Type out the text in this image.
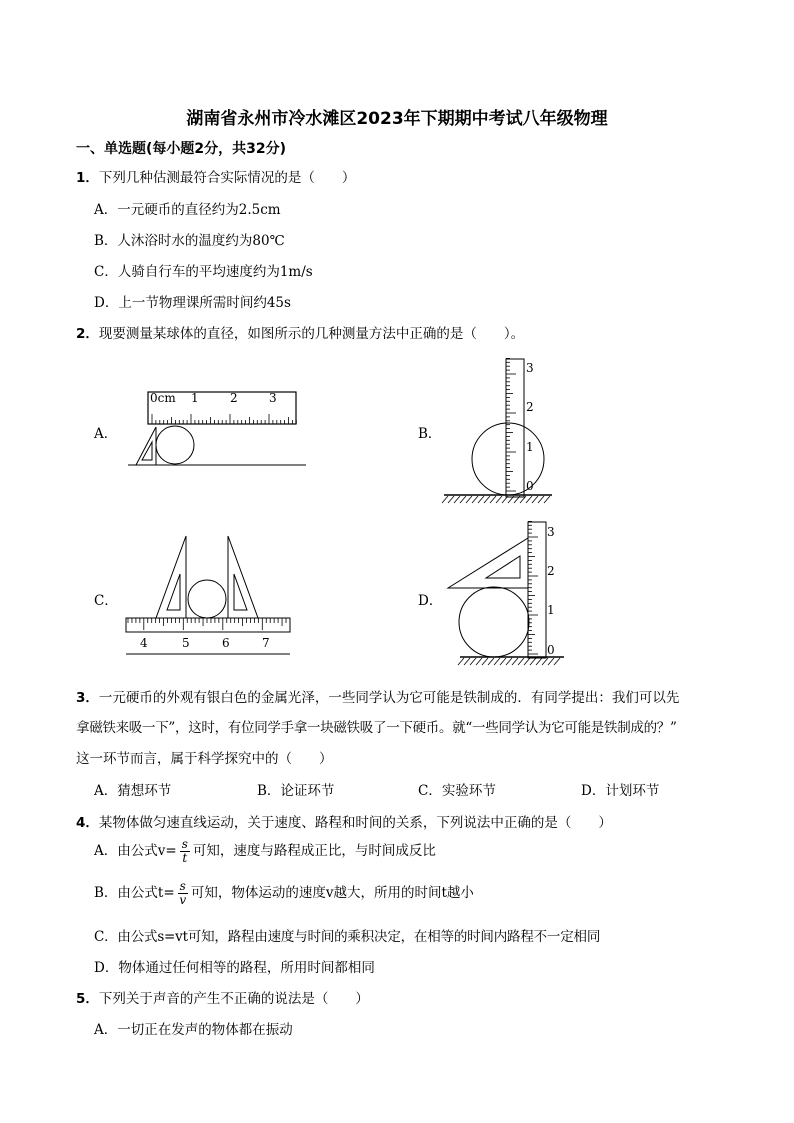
湖南省永州市冷水滩区2023年下期期中考试八年级物理
一、单选题(每小题2分，共32分)
1．下列几种估测最符合实际情况的是（　　）
A．一元硬币的直径约为2.5cm
B．人沐浴时水的温度约为80℃
C．人骑自行车的平均速度约为1m/s
D．上一节物理课所需时间约45s
2．现要测量某球体的直径，如图所示的几种测量方法中正确的是（　　）。
A．	B．
C．	D．
0cm 1	2	3
3
2
1
0
4	5	6	7
3
2
1
0
3．一元硬币的外观有银白色的金属光泽，一些同学认为它可能是铁制成的．有同学提出：我们可以先
拿磁铁来吸一下”，这时，有位同学手拿一块磁铁吸了一下硬币。就“一些同学认为它可能是铁制成的？”
这一环节而言，属于科学探究中的（　　）
A．猜想环节	B．论证环节	C．实验环节	D．计划环节
4．某物体做匀速直线运动，关于速度、路程和时间的关系，下列说法中正确的是（　　）
A．由公式$v= \frac{s}{t}$ 可知，速度与路程成正比，与时间成反比
B．由公式$t= \frac{s}{v}$ 可知，物体运动的速度v越大，所用的时间t越小
C．由公式s=vt可知，路程由速度与时间的乘积决定，在相等的时间内路程不一定相同
D．物体通过任何相等的路程，所用时间都相同
5．下列关于声音的产生不正确的说法是（　　）
A．一切正在发声的物体都在振动
